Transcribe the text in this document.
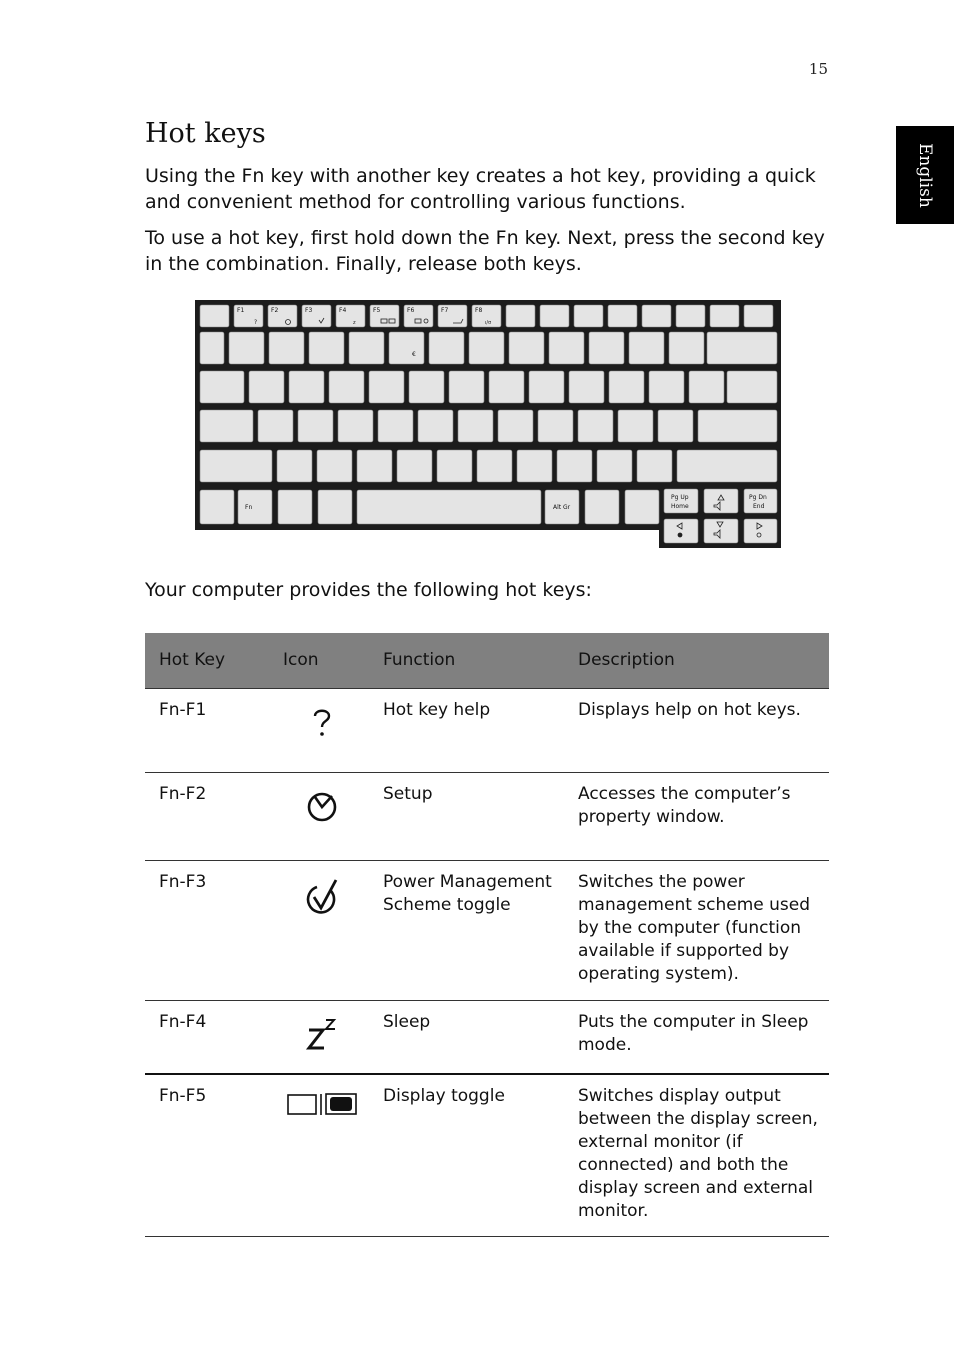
15
English
Hot keys

Using the Fn key with another key creates a hot key, providing a quick and convenient method for controlling various functions.

To use a hot key, first hold down the Fn key. Next, press the second key in the combination. Finally, release both keys.

F1	F2	F3	F4	F5	F6	F7	F8
?	z	ı/ʊ
€
Fn	Alt Gr
Pg Up
Home
Pg Dn
End

Your computer provides the following hot keys:

Hot Key	Icon	Function	Description
Fn-F1		Hot key help	Displays help on hot keys.
Fn-F2		Setup	Accesses the computer’s property window.
Fn-F3		Power Management Scheme toggle	Switches the power management scheme used by the computer (function available if supported by operating system).
Fn-F4		Sleep	Puts the computer in Sleep mode.
Fn-F5		Display toggle	Switches display output between the display screen, external monitor (if connected) and both the display screen and external monitor.
